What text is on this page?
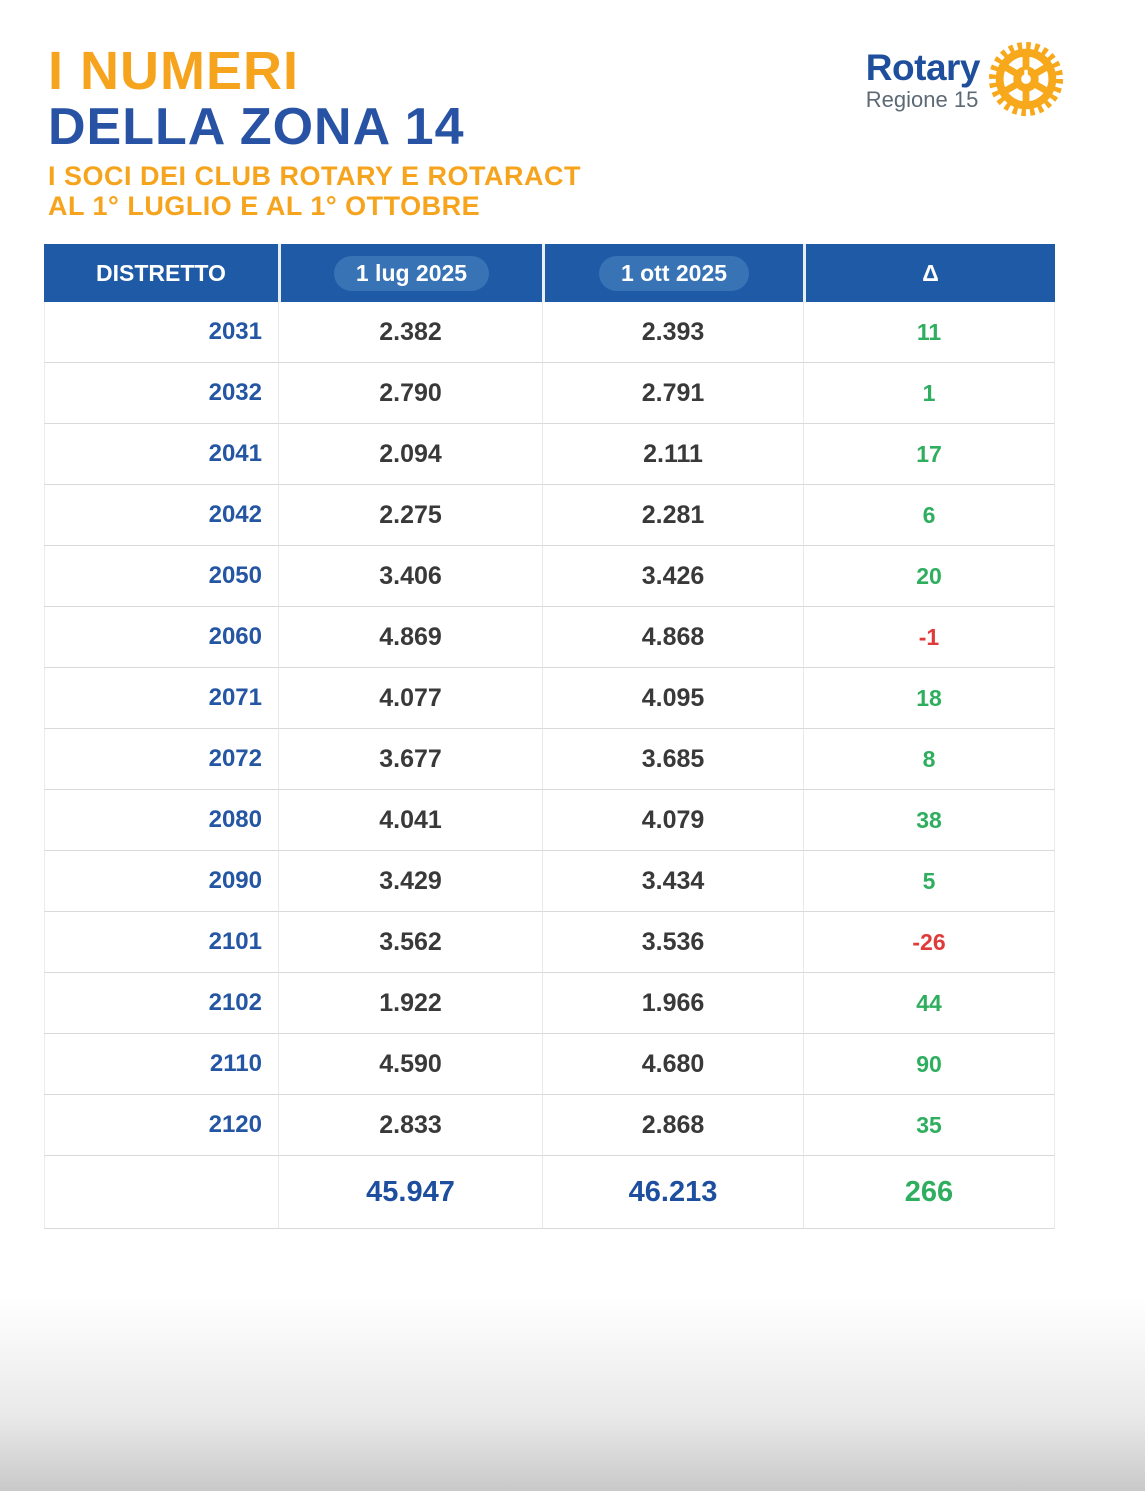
I NUMERI
DELLA ZONA 14
I SOCI DEI CLUB ROTARY E ROTARACT
AL 1° LUGLIO E AL 1° OTTOBRE
Rotary
Regione 15
DISTRETTO	1 lug 2025	1 ott 2025	Δ
2031	2.382	2.393	11
2032	2.790	2.791	1
2041	2.094	2.111	17
2042	2.275	2.281	6
2050	3.406	3.426	20
2060	4.869	4.868	-1
2071	4.077	4.095	18
2072	3.677	3.685	8
2080	4.041	4.079	38
2090	3.429	3.434	5
2101	3.562	3.536	-26
2102	1.922	1.966	44
2110	4.590	4.680	90
2120	2.833	2.868	35
	45.947	46.213	266
